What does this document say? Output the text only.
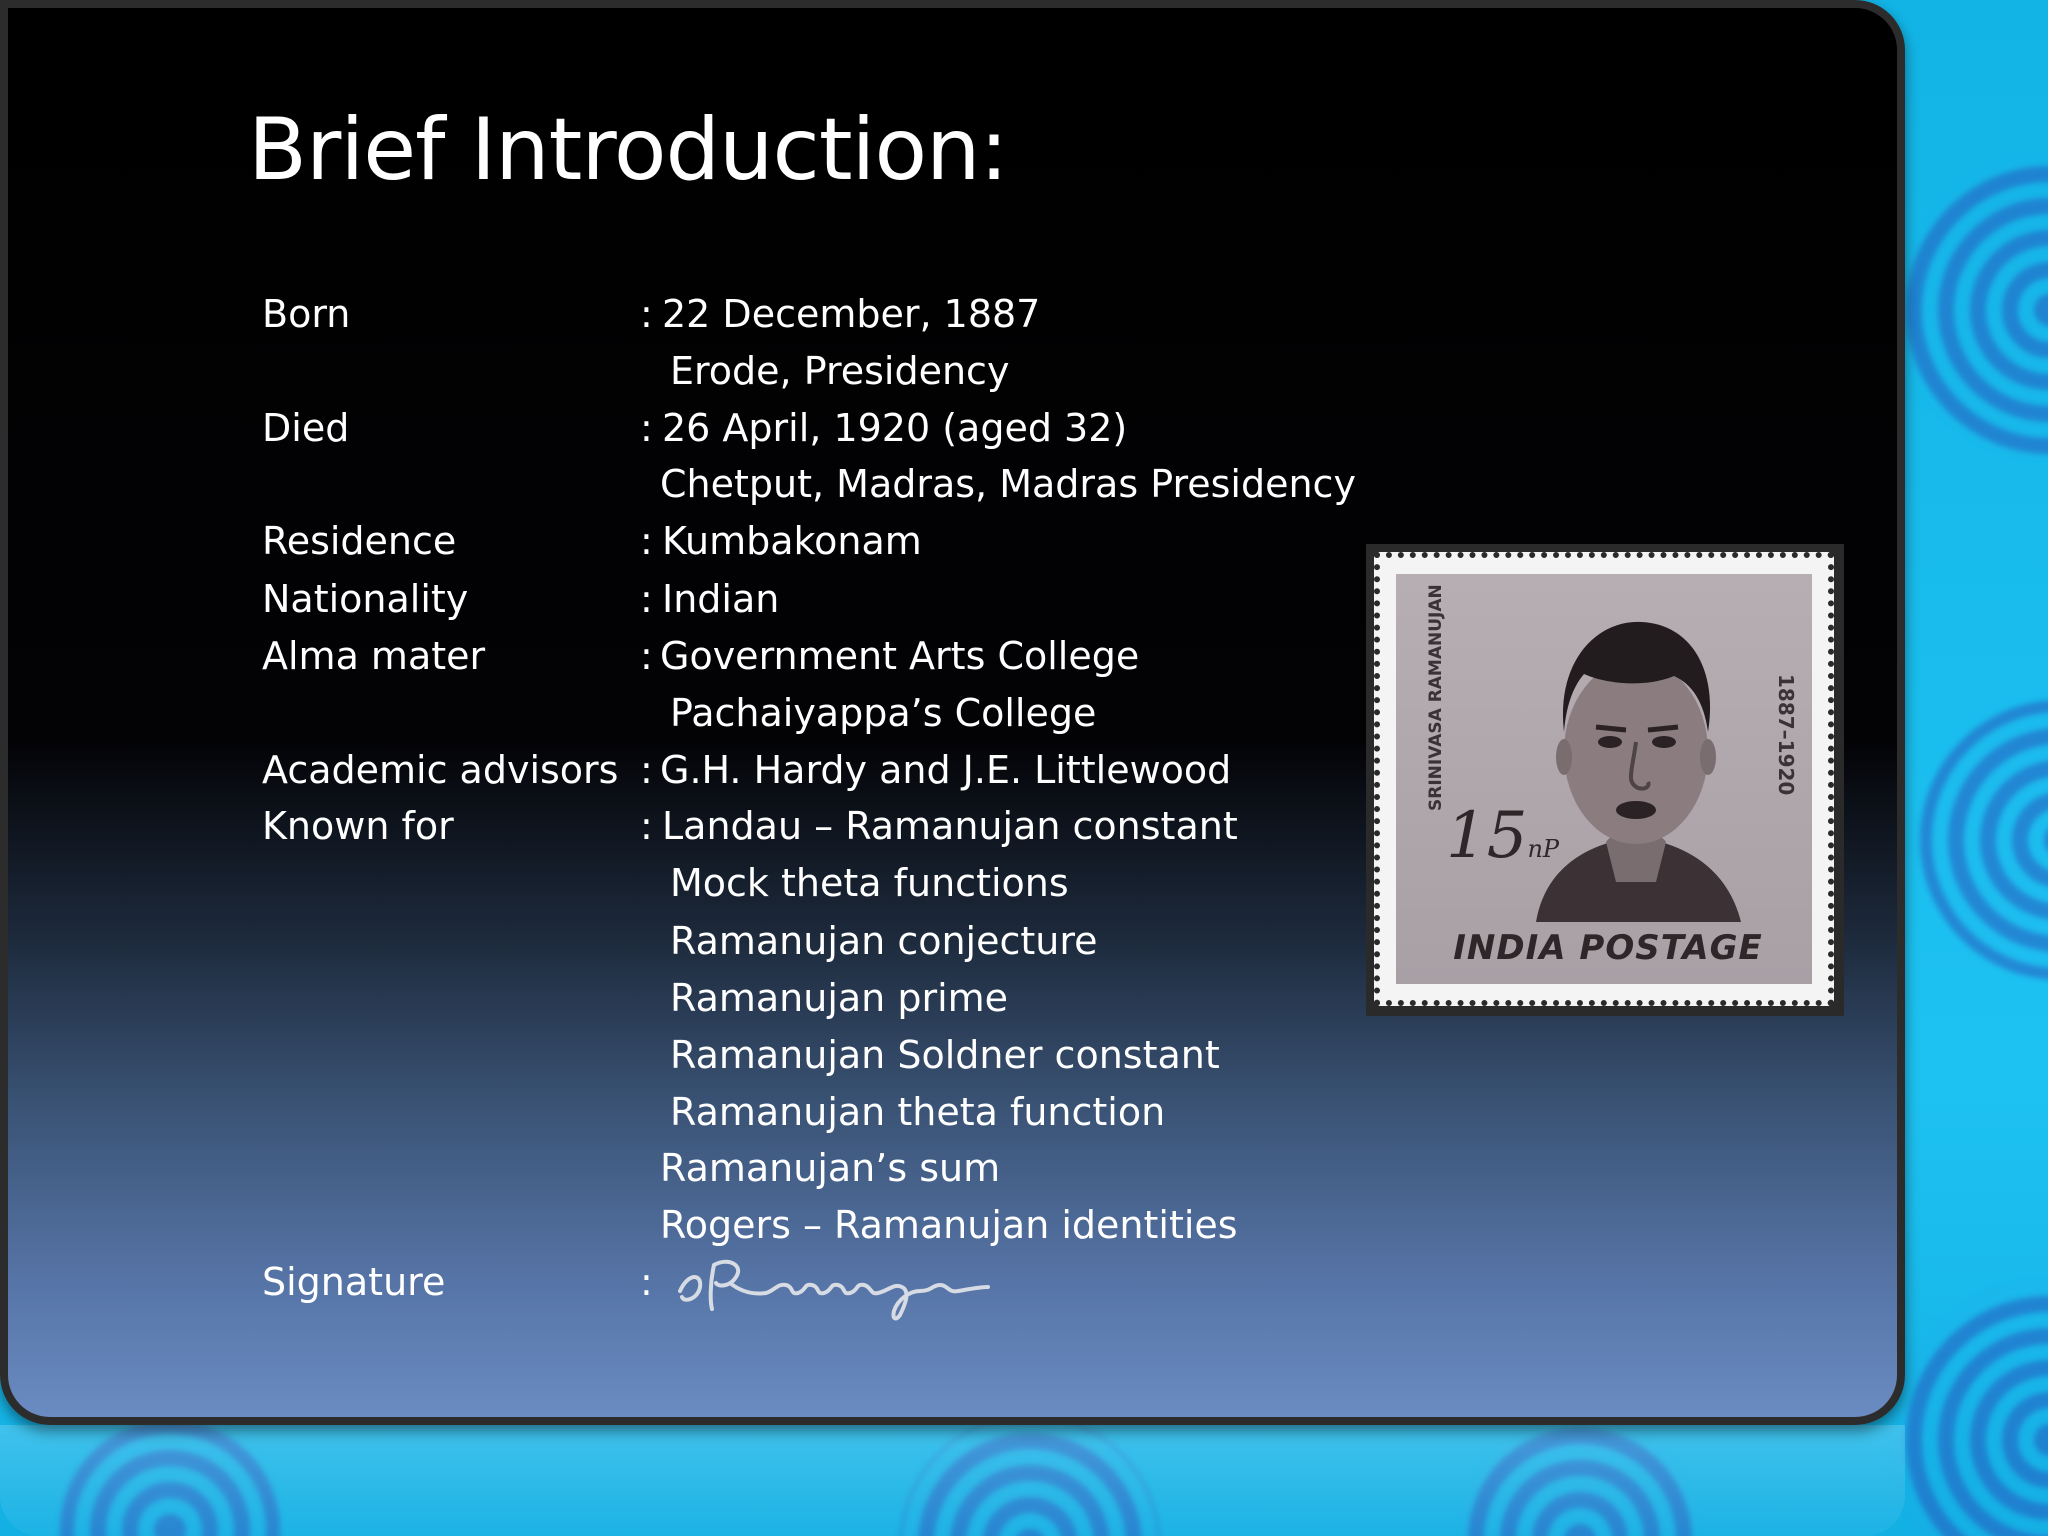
Brief Introduction:
Born	: 22 December, 1887
Erode, Presidency
Died	: 26 April, 1920 (aged 32)
Chetput, Madras, Madras Presidency
Residence	: Kumbakonam
Nationality	: Indian
Alma mater	: Government Arts College
Pachaiyappa’s College
Academic advisors : G.H. Hardy and J.E. Littlewood
Known for	: Landau – Ramanujan constant
Mock theta functions
Ramanujan conjecture
Ramanujan prime
Ramanujan Soldner constant
Ramanujan theta function
Ramanujan’s sum
Rogers – Ramanujan identities
Signature	:
SRINIVASA RAMANUJAN	1887–1920
15nP
INDIA POSTAGE
